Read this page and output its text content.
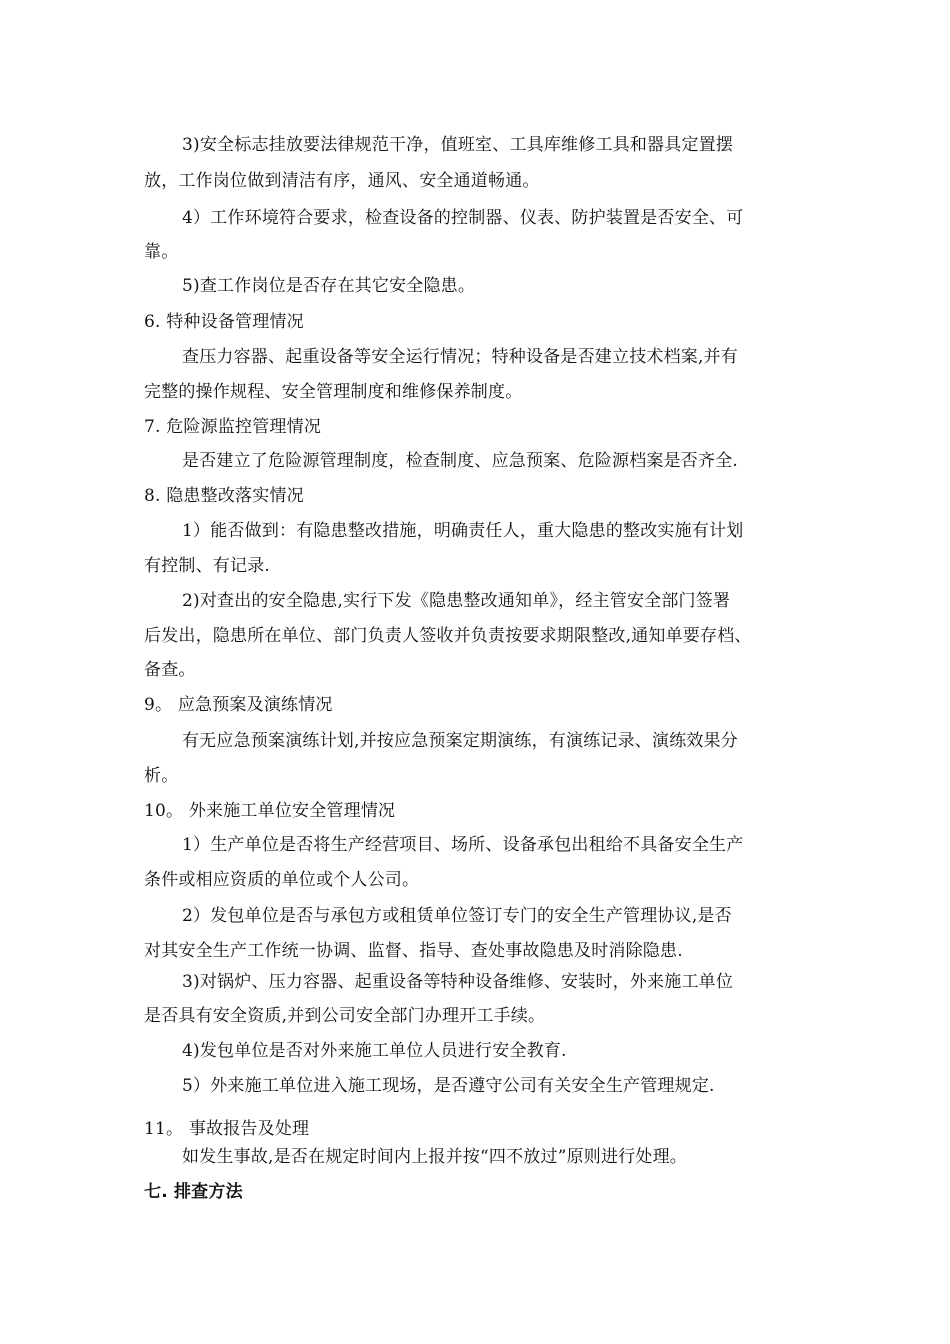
3)安全标志挂放要法律规范干净，值班室、工具库维修工具和器具定置摆
放，工作岗位做到清洁有序，通风、安全通道畅通。
4）工作环境符合要求，检查设备的控制器、仪表、防护装置是否安全、可
靠。
5)查工作岗位是否存在其它安全隐患。
6. 特种设备管理情况
查压力容器、起重设备等安全运行情况；特种设备是否建立技术档案,并有
完整的操作规程、安全管理制度和维修保养制度。
7. 危险源监控管理情况
是否建立了危险源管理制度，检查制度、应急预案、危险源档案是否齐全.
8. 隐患整改落实情况
1）能否做到：有隐患整改措施，明确责任人，重大隐患的整改实施有计划
有控制、有记录.
2)对查出的安全隐患,实行下发《隐患整改通知单》，经主管安全部门签署
后发出，隐患所在单位、部门负责人签收并负责按要求期限整改,通知单要存档、
备查。
9。 应急预案及演练情况
有无应急预案演练计划,并按应急预案定期演练，有演练记录、演练效果分
析。
10。 外来施工单位安全管理情况
1）生产单位是否将生产经营项目、场所、设备承包出租给不具备安全生产
条件或相应资质的单位或个人公司。
2）发包单位是否与承包方或租赁单位签订专门的安全生产管理协议,是否
对其安全生产工作统一协调、监督、指导、查处事故隐患及时消除隐患.
3)对锅炉、压力容器、起重设备等特种设备维修、安装时，外来施工单位
是否具有安全资质,并到公司安全部门办理开工手续。
4)发包单位是否对外来施工单位人员进行安全教育.
5）外来施工单位进入施工现场，是否遵守公司有关安全生产管理规定.
11。 事故报告及处理
如发生事故,是否在规定时间内上报并按“四不放过”原则进行处理。
七. 排查方法
